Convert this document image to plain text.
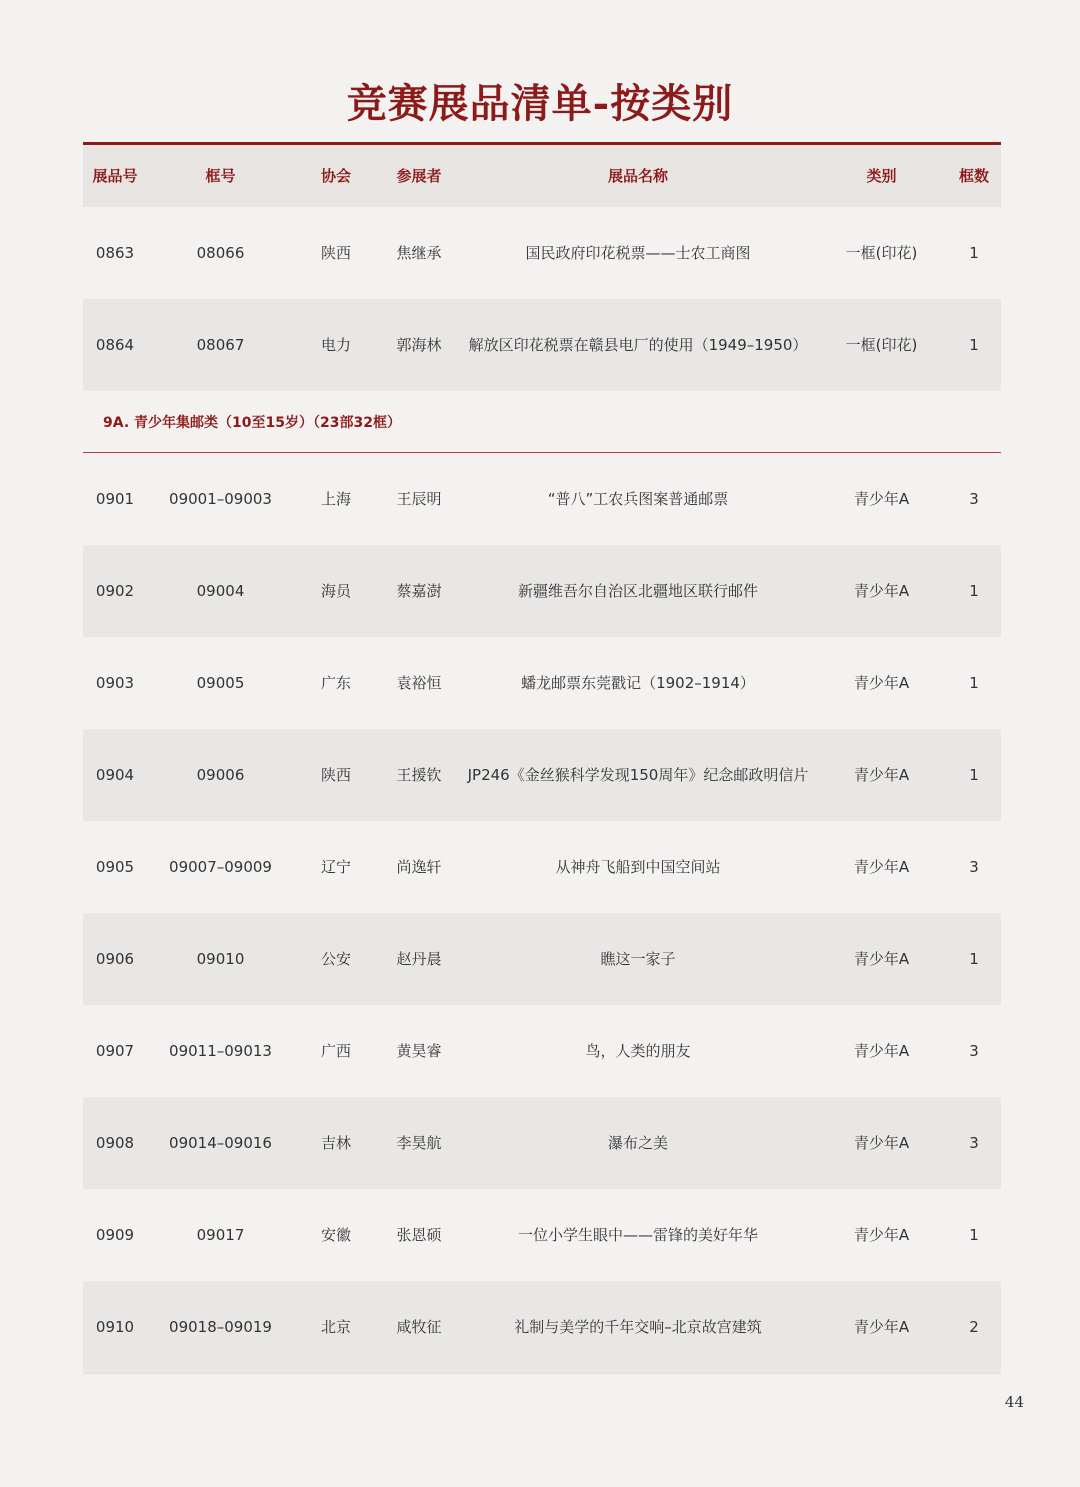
竞赛展品清单-按类别
展品号	框号	协会	参展者	展品名称	类别	框数
0863	08066	陕西	焦继承	国民政府印花税票——士农工商图	一框(印花)	1
0864	08067	电力	郭海林	解放区印花税票在赣县电厂的使用（1949–1950）	一框(印花)	1
9A. 青少年集邮类（10至15岁）（23部32框）
0901	09001–09003	上海	王辰明	“普八”工农兵图案普通邮票	青少年A	3
0902	09004	海员	蔡嘉澍	新疆维吾尔自治区北疆地区联行邮件	青少年A	1
0903	09005	广东	袁裕恒	蟠龙邮票东莞戳记（1902–1914）	青少年A	1
0904	09006	陕西	王援钦	JP246《金丝猴科学发现150周年》纪念邮政明信片	青少年A	1
0905	09007–09009	辽宁	尚逸轩	从神舟飞船到中国空间站	青少年A	3
0906	09010	公安	赵丹晨	瞧这一家子	青少年A	1
0907	09011–09013	广西	黄昊睿	鸟，人类的朋友	青少年A	3
0908	09014–09016	吉林	李昊航	瀑布之美	青少年A	3
0909	09017	安徽	张恩硕	一位小学生眼中——雷锋的美好年华	青少年A	1
0910	09018–09019	北京	咸牧征	礼制与美学的千年交响–北京故宫建筑	青少年A	2
44
